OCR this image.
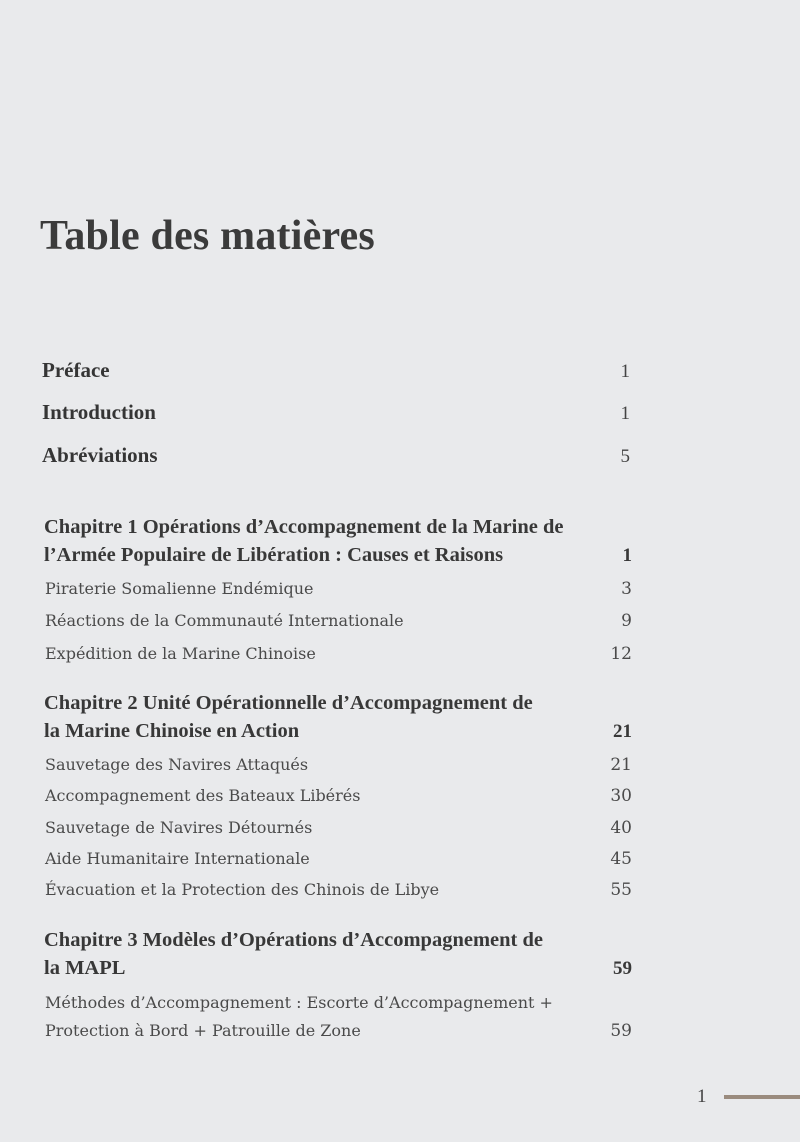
Table des matières
Préface	1
Introduction	1
Abréviations	5
Chapitre 1 Opérations d’Accompagnement de la Marine de
l’Armée Populaire de Libération : Causes et Raisons	1
Piraterie Somalienne Endémique	3
Réactions de la Communauté Internationale	9
Expédition de la Marine Chinoise	12
Chapitre 2 Unité Opérationnelle d’Accompagnement de
la Marine Chinoise en Action	21
Sauvetage des Navires Attaqués	21
Accompagnement des Bateaux Libérés	30
Sauvetage de Navires Détournés	40
Aide Humanitaire Internationale	45
Évacuation et la Protection des Chinois de Libye	55
Chapitre 3 Modèles d’Opérations d’Accompagnement de
la MAPL	59
Méthodes d’Accompagnement : Escorte d’Accompagnement +
Protection à Bord + Patrouille de Zone	59
1
